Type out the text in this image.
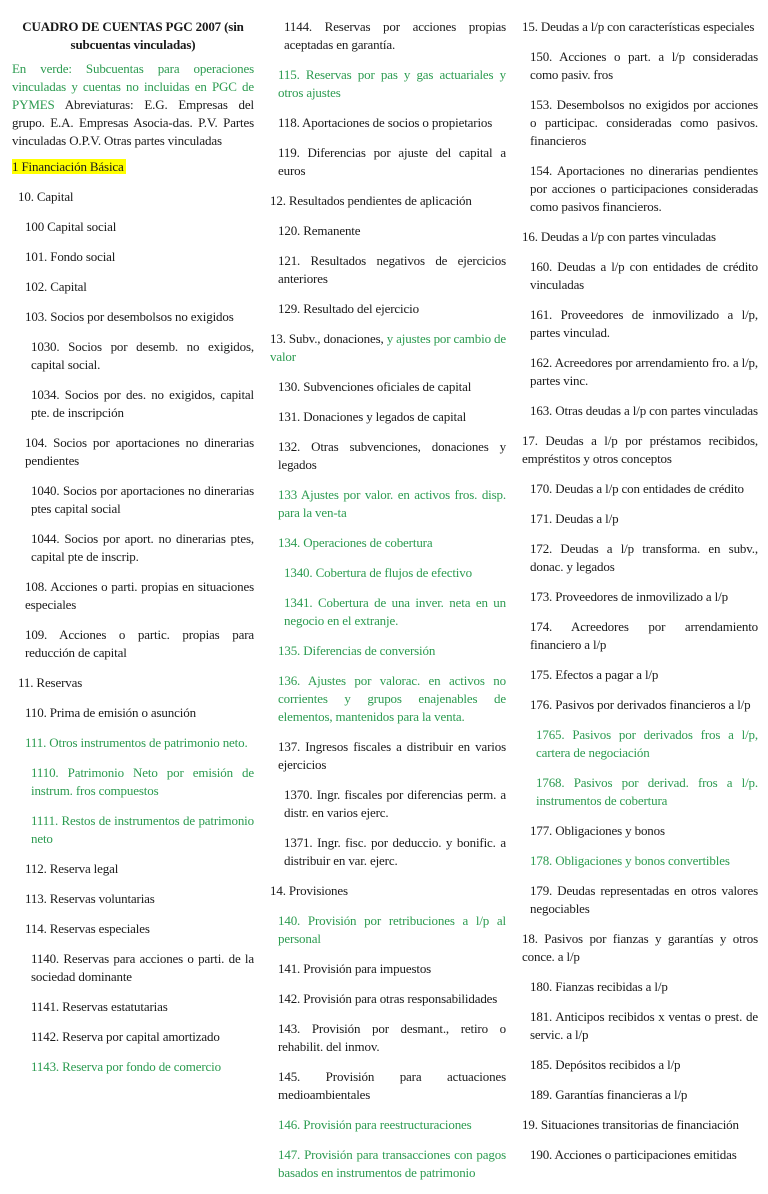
CUADRO DE CUENTAS PGC 2007 (sin subcuentas vinculadas)

En verde: Subcuentas para operaciones vinculadas y cuentas no incluidas en PGC de PYMES Abreviaturas: E.G. Empresas del grupo. E.A. Empresas Asocia-das. P.V. Partes vinculadas O.P.V. Otras partes vinculadas

1 Financiación Básica

10. Capital

100 Capital social

101. Fondo social

102. Capital

103. Socios por desembolsos no exigidos

1030. Socios por desemb. no exigidos, capital social.

1034. Socios por des. no exigidos, capital pte. de inscripción

104. Socios por aportaciones no dinerarias pendientes

1040. Socios por aportaciones no dinerarias ptes capital social

1044. Socios por aport. no dinerarias ptes, capital pte de inscrip.

108. Acciones o parti. propias en situaciones especiales

109. Acciones o partic. propias para reducción de capital

11. Reservas

110. Prima de emisión o asunción

111. Otros instrumentos de patrimonio neto.

1110. Patrimonio Neto por emisión de instrum. fros compuestos

1111. Restos de instrumentos de patrimonio neto

112. Reserva legal

113. Reservas voluntarias

114. Reservas especiales

1140. Reservas para acciones o parti. de la sociedad dominante

1141. Reservas estatutarias

1142. Reserva por capital amortizado

1143. Reserva por fondo de comercio

1144. Reservas por acciones propias aceptadas en garantía.

115. Reservas por pas y gas actuariales y otros ajustes

118. Aportaciones de socios o propietarios

119. Diferencias por ajuste del capital a euros

12. Resultados pendientes de aplicación

120. Remanente

121. Resultados negativos de ejercicios anteriores

129. Resultado del ejercicio

13. Subv., donaciones, y ajustes por cambio de valor

130. Subvenciones oficiales de capital

131. Donaciones y legados de capital

132. Otras subvenciones, donaciones y legados

133 Ajustes por valor. en activos fros. disp. para la ven-ta

134. Operaciones de cobertura

1340. Cobertura de flujos de efectivo

1341. Cobertura de una inver. neta en un negocio en el extranje.

135. Diferencias de conversión

136. Ajustes por valorac. en activos no corrientes y grupos enajenables de elementos, mantenidos para la venta.

137. Ingresos fiscales a distribuir en varios ejercicios

1370. Ingr. fiscales por diferencias perm. a distr. en varios ejerc.

1371. Ingr. fisc. por deduccio. y bonific. a distribuir en var. ejerc.

14. Provisiones

140. Provisión por retribuciones a l/p al personal

141. Provisión para impuestos

142. Provisión para otras responsabilidades

143. Provisión por desmant., retiro o rehabilit. del inmov.

145. Provisión para actuaciones medioambientales

146. Provisión para reestructuraciones

147. Provisión para transacciones con pagos basados en instrumentos de patrimonio

15. Deudas a l/p con características especiales

150. Acciones o part. a l/p consideradas como pasiv. fros

153. Desembolsos no exigidos por acciones o participac. consideradas como pasivos. financieros

154. Aportaciones no dinerarias pendientes por acciones o participaciones consideradas como pasivos financieros.

16. Deudas a l/p con partes vinculadas

160. Deudas a l/p con entidades de crédito vinculadas

161. Proveedores de inmovilizado a l/p, partes vinculad.

162. Acreedores por arrendamiento fro. a l/p, partes vinc.

163. Otras deudas a l/p con partes vinculadas

17. Deudas a l/p por préstamos recibidos, empréstitos y otros conceptos

170. Deudas a l/p con entidades de crédito

171. Deudas a l/p

172. Deudas a l/p transforma. en subv., donac. y legados

173. Proveedores de inmovilizado a l/p

174. Acreedores por arrendamiento financiero a l/p

175. Efectos a pagar a l/p

176. Pasivos por derivados financieros a l/p

1765. Pasivos por derivados fros a l/p, cartera de negociación

1768. Pasivos por derivad. fros a l/p. instrumentos de cobertura

177. Obligaciones y bonos

178. Obligaciones y bonos convertibles

179. Deudas representadas en otros valores negociables

18. Pasivos por fianzas y garantías y otros conce. a l/p

180. Fianzas recibidas a l/p

181. Anticipos recibidos x ventas o prest. de servic. a l/p

185. Depósitos recibidos a l/p

189. Garantías financieras a l/p

19. Situaciones transitorias de financiación

190. Acciones o participaciones emitidas
